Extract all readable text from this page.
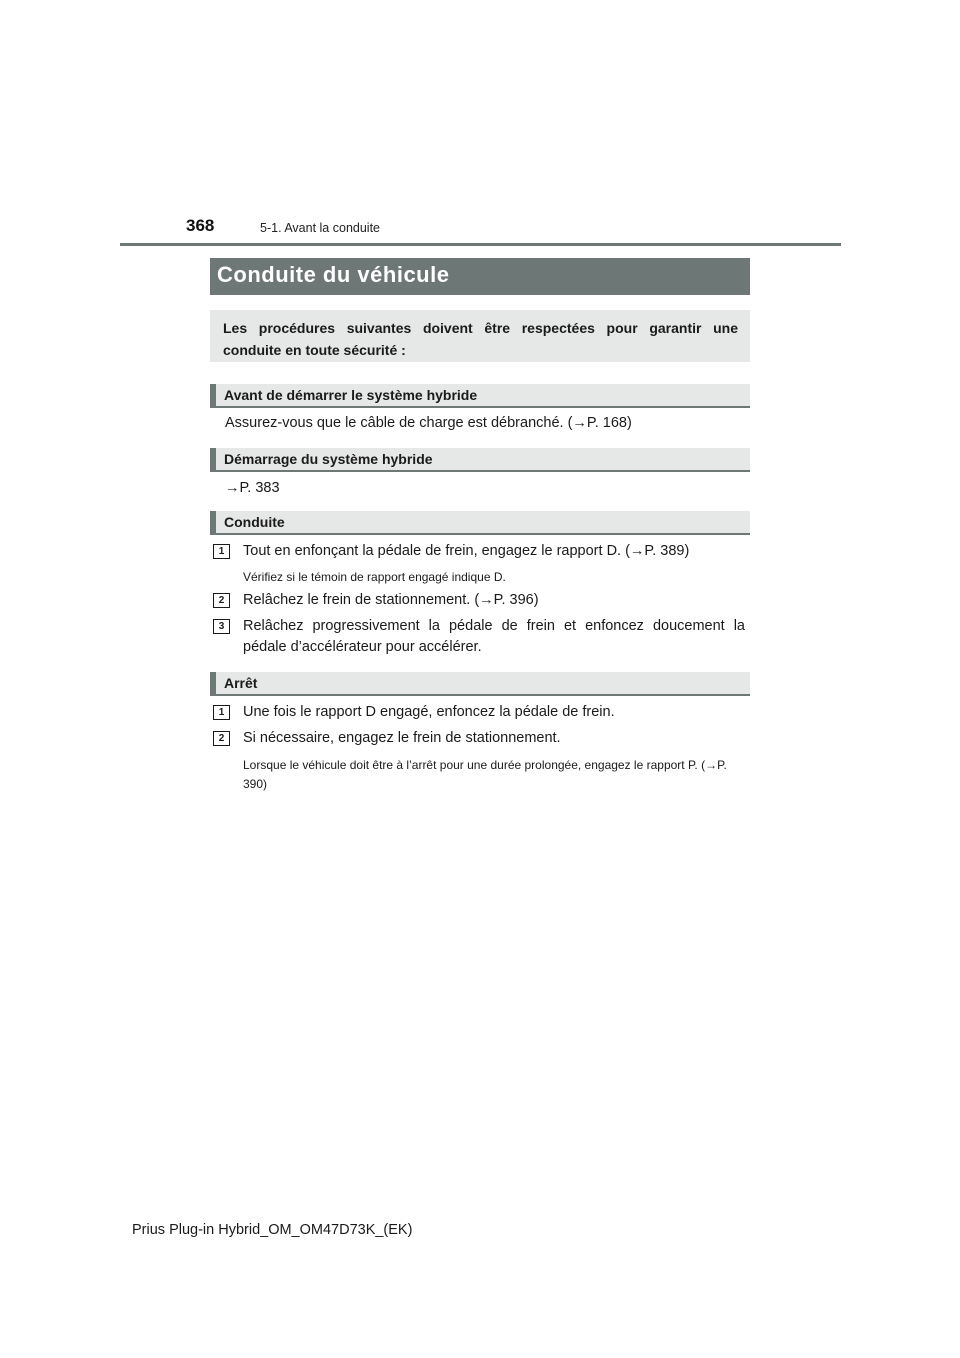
368	5-1. Avant la conduite
Conduite du véhicule
Les procédures suivantes doivent être respectées pour garantir une conduite en toute sécurité :
Avant de démarrer le système hybride
Assurez-vous que le câble de charge est débranché. (→P. 168)
Démarrage du système hybride
→P. 383
Conduite
1	Tout en enfonçant la pédale de frein, engagez le rapport D. (→P. 389)
Vérifiez si le témoin de rapport engagé indique D.
2	Relâchez le frein de stationnement. (→P. 396)
3	Relâchez progressivement la pédale de frein et enfoncez doucement la pédale d’accélérateur pour accélérer.
Arrêt
1	Une fois le rapport D engagé, enfoncez la pédale de frein.
2	Si nécessaire, engagez le frein de stationnement.
Lorsque le véhicule doit être à l’arrêt pour une durée prolongée, engagez le rapport P. (→P. 390)
Prius Plug-in Hybrid_OM_OM47D73K_(EK)
